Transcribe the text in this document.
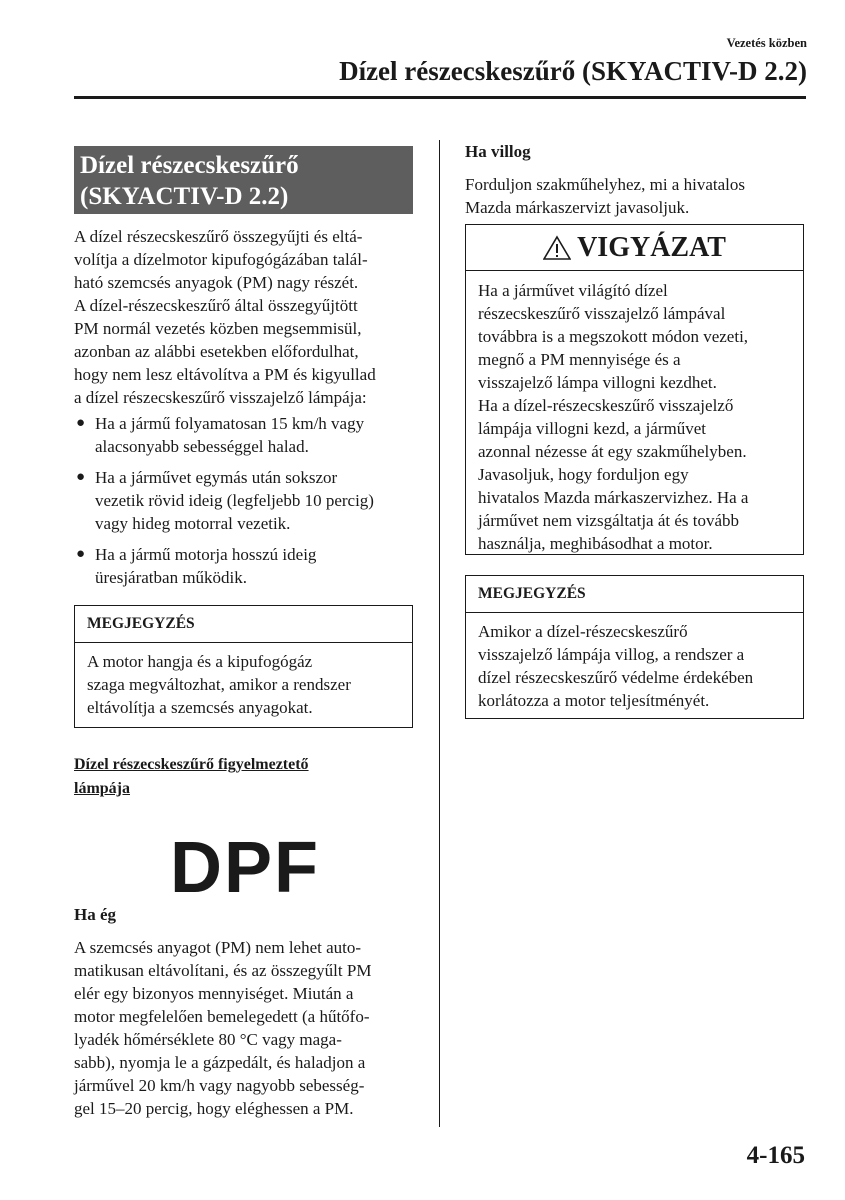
Vezetés közben
Dízel részecskeszűrő (SKYACTIV-D 2.2)
Dízel részecskeszűrő
(SKYACTIV-D 2.2)
A dízel részecskeszűrő összegyűjti és eltá-
volítja a dízelmotor kipufogógázában talál-
ható szemcsés anyagok (PM) nagy részét.
A dízel-részecskeszűrő által összegyűjtött
PM normál vezetés közben megsemmisül,
azonban az alábbi esetekben előfordulhat,
hogy nem lesz eltávolítva a PM és kigyullad
a dízel részecskeszűrő visszajelző lámpája:
● Ha a jármű folyamatosan 15 km/h vagy
alacsonyabb sebességgel halad.
● Ha a járművet egymás után sokszor
vezetik rövid ideig (legfeljebb 10 percig)
vagy hideg motorral vezetik.
● Ha a jármű motorja hosszú ideig
üresjáratban működik.
MEGJEGYZÉS
A motor hangja és a kipufogógáz
szaga megváltozhat, amikor a rendszer
eltávolítja a szemcsés anyagokat.
Dízel részecskeszűrő figyelmeztető
lámpája
DPF
Ha ég
A szemcsés anyagot (PM) nem lehet auto-
matikusan eltávolítani, és az összegyűlt PM
elér egy bizonyos mennyiséget. Miután a
motor megfelelően bemelegedett (a hűtőfo-
lyadék hőmérséklete 80 °C vagy maga-
sabb), nyomja le a gázpedált, és haladjon a
járművel 20 km/h vagy nagyobb sebesség-
gel 15–20 percig, hogy eléghessen a PM.
Ha villog
Forduljon szakműhelyhez, mi a hivatalos
Mazda márkaszervizt javasoljuk.
VIGYÁZAT
Ha a járművet világító dízel
részecskeszűrő visszajelző lámpával
továbbra is a megszokott módon vezeti,
megnő a PM mennyisége és a
visszajelző lámpa villogni kezdhet.
Ha a dízel-részecskeszűrő visszajelző
lámpája villogni kezd, a járművet
azonnal nézesse át egy szakműhelyben.
Javasoljuk, hogy forduljon egy
hivatalos Mazda márkaszervizhez. Ha a
járművet nem vizsgáltatja át és tovább
használja, meghibásodhat a motor.
MEGJEGYZÉS
Amikor a dízel-részecskeszűrő
visszajelző lámpája villog, a rendszer a
dízel részecskeszűrő védelme érdekében
korlátozza a motor teljesítményét.
4-165
